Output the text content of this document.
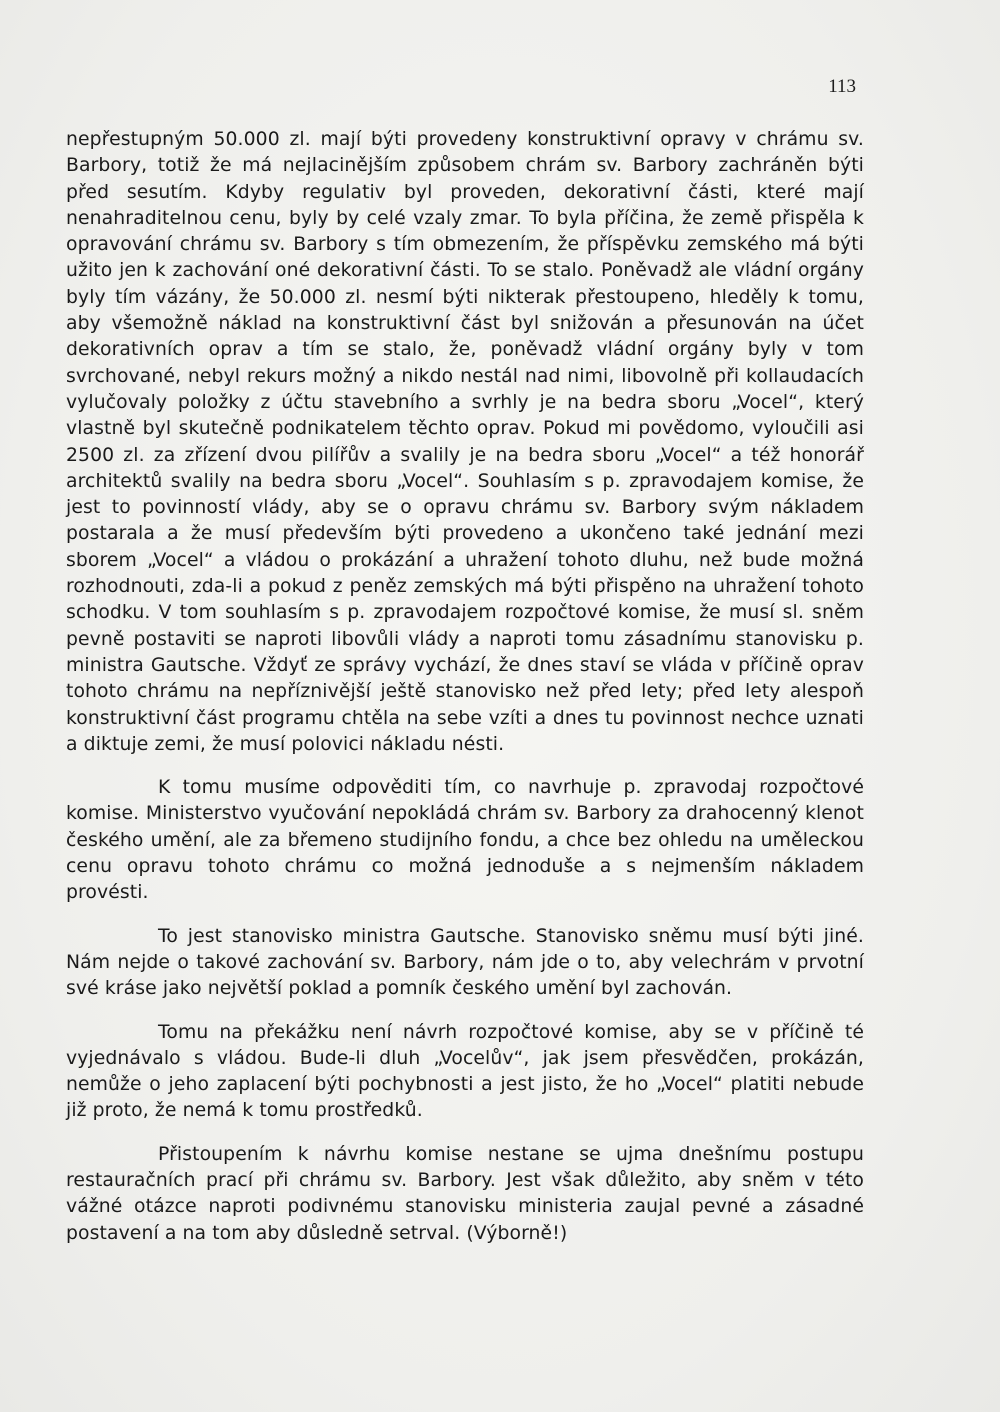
113

nepřestupným 50.000 zl. mají býti provedeny konstruktivní opravy v chrámu sv. Barbory, totiž že má nejlacinějším způsobem chrám sv. Barbory zachráněn býti před sesutím. Kdyby regulativ byl proveden, dekorativní části, které mají nenahraditelnou cenu, byly by celé vzaly zmar. To byla příčina, že země přispěla k opravování chrámu sv. Barbory s tím obmezením, že příspěvku zemského má býti užito jen k zachování oné dekorativní části. To se stalo. Poněvadž ale vládní orgány byly tím vázány, že 50.000 zl. nesmí býti nikterak přestoupeno, hleděly k tomu, aby všemožně náklad na konstruktivní část byl snižován a přesunován na účet dekorativních oprav a tím se stalo, že, poněvadž vládní orgány byly v tom svrchované, nebyl rekurs možný a nikdo nestál nad nimi, libovolně při kollaudacích vylučovaly položky z účtu stavebního a svrhly je na bedra sboru „Vocel“, který vlastně byl skutečně podnikatelem těchto oprav. Pokud mi povědomo, vyloučili asi 2500 zl. za zřízení dvou pilířův a svalily je na bedra sboru „Vocel“ a též honorář architektů svalily na bedra sboru „Vocel“. Souhlasím s p. zpravodajem komise, že jest to povinností vlády, aby se o opravu chrámu sv. Barbory svým nákladem postarala a že musí především býti provedeno a ukončeno také jednání mezi sborem „Vocel“ a vládou o prokázání a uhražení tohoto dluhu, než bude možná rozhodnouti, zda-li a pokud z peněz zemských má býti přispěno na uhražení tohoto schodku. V tom souhlasím s p. zpravodajem rozpočtové komise, že musí sl. sněm pevně postaviti se naproti libovůli vlády a naproti tomu zásadnímu stanovisku p. ministra Gautsche. Vždyť ze správy vychází, že dnes staví se vláda v příčině oprav tohoto chrámu na nepříznivější ještě stanovisko než před lety; před lety alespoň konstruktivní část programu chtěla na sebe vzíti a dnes tu povinnost nechce uznati a diktuje zemi, že musí polovici nákladu nésti.

K tomu musíme odpověditi tím, co navrhuje p. zpravodaj rozpočtové komise. Ministerstvo vyučování nepokládá chrám sv. Barbory za drahocenný klenot českého umění, ale za břemeno studijního fondu, a chce bez ohledu na uměleckou cenu opravu tohoto chrámu co možná jednoduše a s nejmenším nákladem provésti.

To jest stanovisko ministra Gautsche. Stanovisko sněmu musí býti jiné. Nám nejde o takové zachování sv. Barbory, nám jde o to, aby velechrám v prvotní své kráse jako největší poklad a pomník českého umění byl zachován.

Tomu na překážku není návrh rozpočtové komise, aby se v příčině té vyjednávalo s vládou. Bude-li dluh „Vocelův“, jak jsem přesvědčen, prokázán, nemůže o jeho zaplacení býti pochybnosti a jest jisto, že ho „Vocel“ platiti nebude již proto, že nemá k tomu prostředků.

Přistoupením k návrhu komise nestane se ujma dnešnímu postupu restauračních prací při chrámu sv. Barbory. Jest však důležito, aby sněm v této vážné otázce naproti podivnému stanovisku ministeria zaujal pevné a zásadné postavení a na tom aby důsledně setrval. (Výborně!)
